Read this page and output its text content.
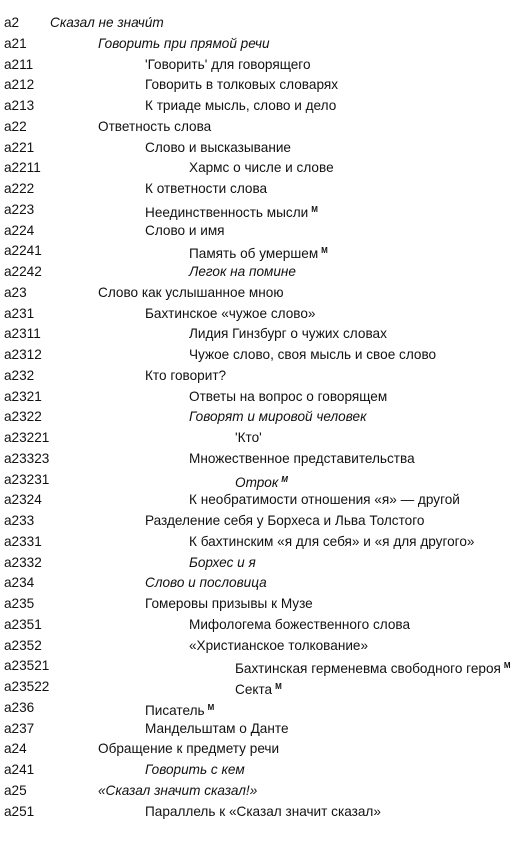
a2 Сказал не значи́т
a21	Говорить при прямой речи
a211	'Говорить' для говорящего
a212	Говорить в толковых словарях
a213	К триаде мысль, слово и дело
a22	Ответность слова
a221	Слово и высказывание
a2211	Хармс о числе и слове
a222	К ответности слова
a223	Неединственность мысли $^M$
a224	Слово и имя
a2241	Память об умершем $^M$
a2242	Легок на помине
a23	Слово как услышанное мною
a231	Бахтинское «чужое слово»
a2311	Лидия Гинзбург о чужих словах
a2312	Чужое слово, своя мысль и свое слово
a232	Кто говорит?
a2321	Ответы на вопрос о говорящем
a2322	Говорят и мировой человек
a23221	'Кто'
a23323	Множественное представительства
a23231	Отрок $^M$
a2324	К необратимости отношения «я» — другой
a233	Разделение себя у Борхеса и Льва Толстого
a2331	К бахтинским «я для себя» и «я для другого»
a2332	Борхес и я
a234	Слово и пословица
a235	Гомеровы призывы к Музе
a2351	Мифологема божественного слова
a2352	«Христианское толкование»
a23521	Бахтинская герменевма свободного героя $^M$
a23522	Секта $^M$
a236	Писатель $^M$
a237	Мандельштам о Данте
a24	Обращение к предмету речи
a241	Говорить с кем
a25	«Сказал значит сказал!»
a251	Параллель к «Сказал значит сказал»
